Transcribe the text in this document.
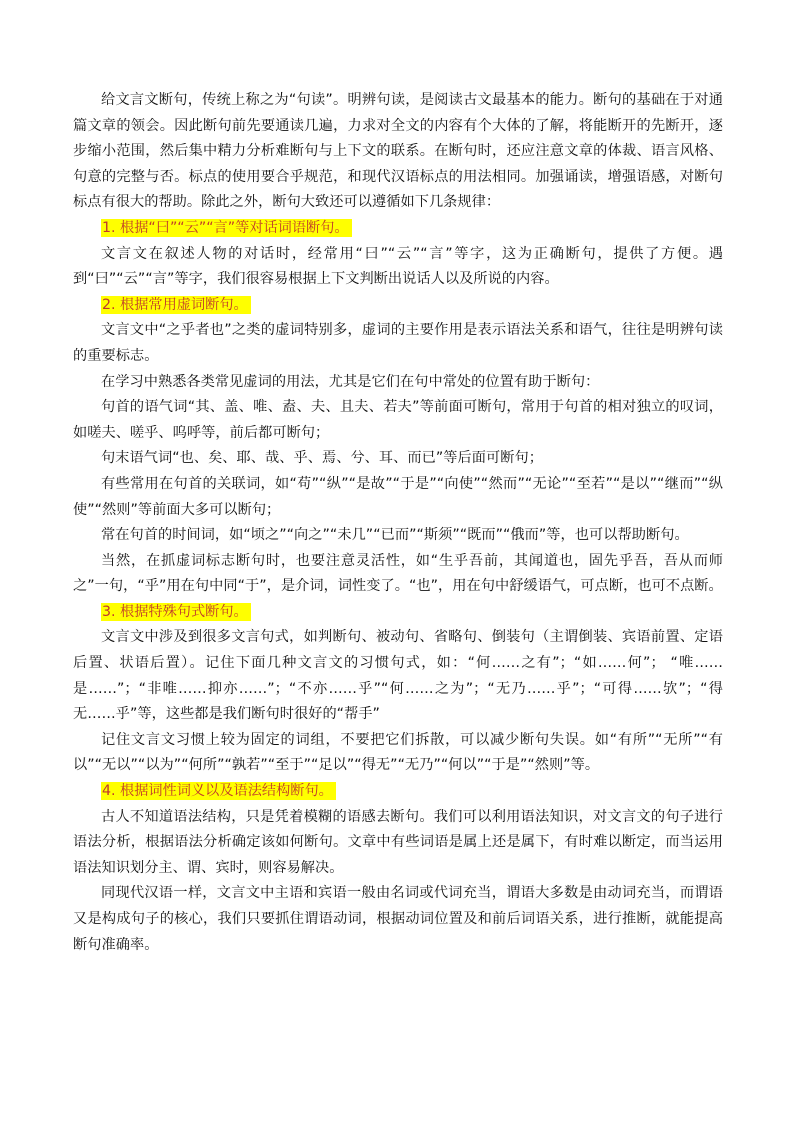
给文言文断句，传统上称之为“句读”。明辨句读，是阅读古文最基本的能力。断句的基础在于对通篇文章的领会。因此断句前先要通读几遍，力求对全文的内容有个大体的了解，将能断开的先断开，逐步缩小范围，然后集中精力分析难断句与上下文的联系。在断句时，还应注意文章的体裁、语言风格、句意的完整与否。标点的使用要合乎规范，和现代汉语标点的用法相同。加强诵读，增强语感，对断句标点有很大的帮助。除此之外，断句大致还可以遵循如下几条规律：

1. 根据“曰”“云”“言”等对话词语断句。

文言文在叙述人物的对话时，经常用“曰”“云”“言”等字，这为正确断句，提供了方便。遇到“曰”“云”“言”等字，我们很容易根据上下文判断出说话人以及所说的内容。

2. 根据常用虚词断句。

文言文中“之乎者也”之类的虚词特别多，虚词的主要作用是表示语法关系和语气，往往是明辨句读的重要标志。

在学习中熟悉各类常见虚词的用法，尤其是它们在句中常处的位置有助于断句：

句首的语气词“其、盖、唯、盍、夫、且夫、若夫”等前面可断句，常用于句首的相对独立的叹词，如嗟夫、嗟乎、呜呼等，前后都可断句；

句末语气词“也、矣、耶、哉、乎、焉、兮、耳、而已”等后面可断句；

有些常用在句首的关联词，如“苟”“纵”“是故”“于是”“向使”“然而”“无论”“至若”“是以”“继而”“纵使”“然则”等前面大多可以断句；

常在句首的时间词，如“顷之”“向之”“未几”“已而”“斯须”“既而”“俄而”等，也可以帮助断句。

当然，在抓虚词标志断句时，也要注意灵活性，如“生乎吾前，其闻道也，固先乎吾，吾从而师之”一句，“乎”用在句中同“于”，是介词，词性变了。“也”，用在句中舒缓语气，可点断，也可不点断。

3. 根据特殊句式断句。

文言文中涉及到很多文言句式，如判断句、被动句、省略句、倒装句（主谓倒装、宾语前置、定语后置、状语后置）。记住下面几种文言文的习惯句式，如：“何……之有”；“如……何”； “唯……是……”；“非唯……抑亦……”；“不亦……乎”“何……之为”；“无乃……乎”；“可得……欤”；“得无……乎”等，这些都是我们断句时很好的“帮手”

记住文言文习惯上较为固定的词组，不要把它们拆散，可以减少断句失误。如“有所”“无所”“有以”“无以”“以为”“何所”“孰若”“至于”“足以”“得无”“无乃”“何以”“于是”“然则”等。

4. 根据词性词义以及语法结构断句。

古人不知道语法结构，只是凭着模糊的语感去断句。我们可以利用语法知识，对文言文的句子进行语法分析，根据语法分析确定该如何断句。文章中有些词语是属上还是属下，有时难以断定，而当运用语法知识划分主、谓、宾时，则容易解决。

同现代汉语一样，文言文中主语和宾语一般由名词或代词充当，谓语大多数是由动词充当，而谓语又是构成句子的核心，我们只要抓住谓语动词，根据动词位置及和前后词语关系，进行推断，就能提高断句准确率。
